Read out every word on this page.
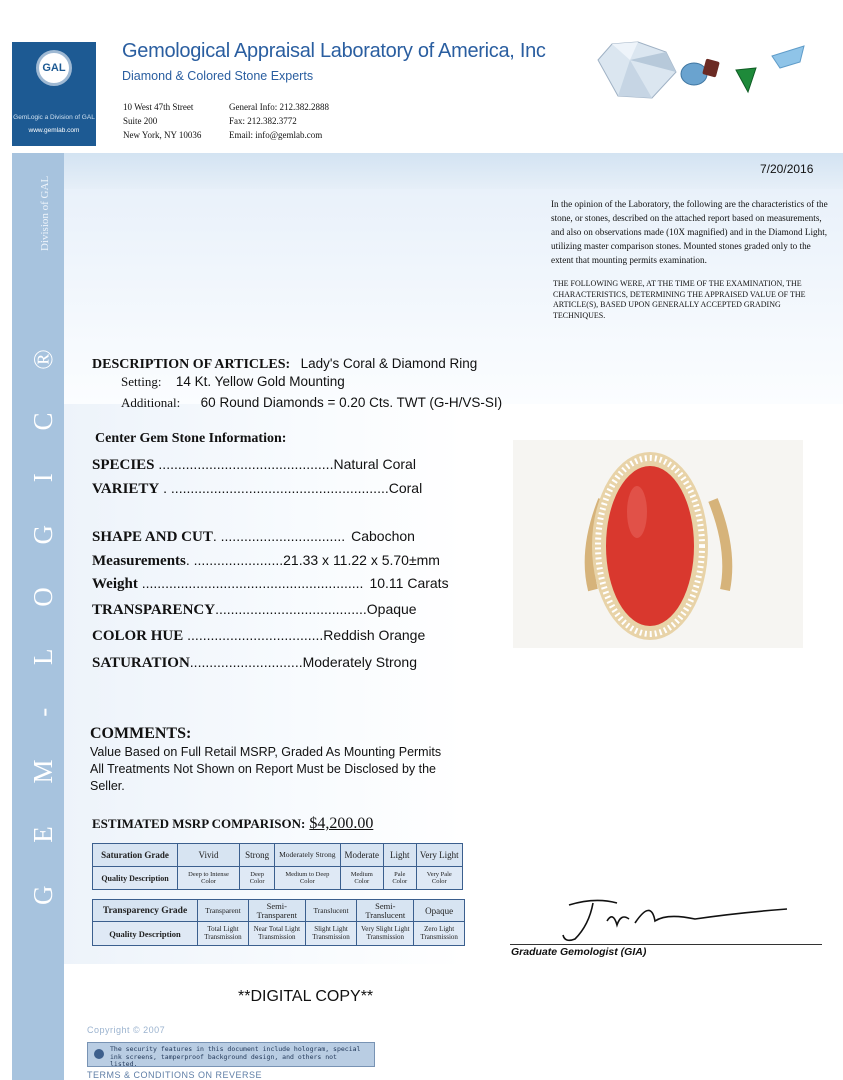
GAL
GemLogic a Division of GAL
www.gemlab.com
Gemological Appraisal Laboratory of America, Inc
Diamond & Colored Stone Experts
10 West 47th Street
Suite 200
New York, NY 10036
General Info: 212.382.2888
Fax: 212.382.3772
Email: info@gemlab.com
Division of GAL
G E M - L O G I C ®
7/20/2016
In the opinion of the Laboratory, the following are the characteristics of the stone, or stones, described on the attached report based on measurements, and also on observations made (10X magnified) and in the Diamond Light, utilizing master comparison stones. Mounted stones graded only to the extent that mounting permits examination.
THE FOLLOWING WERE, AT THE TIME OF THE EXAMINATION, THE CHARACTERISTICS, DETERMINING THE APPRAISED VALUE OF THE ARTICLE(S), BASED UPON GENERALLY ACCEPTED GRADING TECHNIQUES.
DESCRIPTION OF ARTICLES: Lady's Coral & Diamond Ring
Setting: 14 Kt. Yellow Gold Mounting
Additional: 60 Round Diamonds = 0.20 Cts. TWT (G-H/VS-SI)
Center Gem Stone Information:
SPECIES .............................................Natural Coral
VARIETY . ........................................................Coral
SHAPE AND CUT. ................................ Cabochon
Measurements. .......................21.33 x 11.22 x 5.70±mm
Weight ......................................................... 10.11 Carats
TRANSPARENCY.......................................Opaque
COLOR HUE ...................................Reddish Orange
SATURATION.............................Moderately Strong
COMMENTS:
Value Based on Full Retail MSRP, Graded As Mounting Permits
All Treatments Not Shown on Report Must be Disclosed by the
Seller.
ESTIMATED MSRP COMPARISON: $4,200.00
Saturation Grade	Vivid	Strong	Moderately Strong	Moderate	Light	Very Light
Quality Description	Deep to Intense Color	Deep Color	Medium to Deep Color	Medium Color	Pale Color	Very Pale Color
Transparency Grade	Transparent	Semi-Transparent	Translucent	Semi-Translucent	Opaque
Quality Description	Total Light Transmission	Near Total Light Transmission	Slight Light Transmission	Very Slight Light Transmission	Zero Light Transmission
Graduate Gemologist (GIA)
**DIGITAL COPY**
Copyright © 2007
The security features in this document include hologram, special ink screens, tamperproof background design, and others not listed.
TERMS & CONDITIONS ON REVERSE
